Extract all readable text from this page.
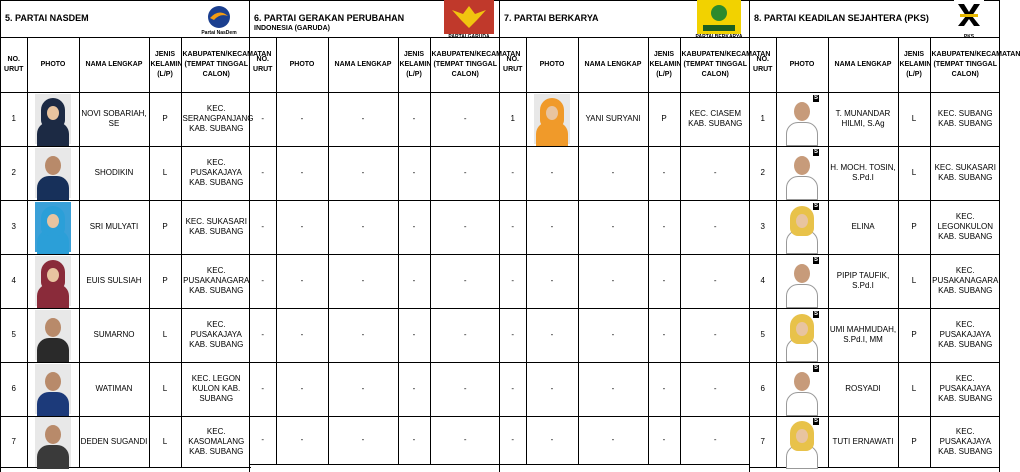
5. PARTAI NASDEM
Partai NasDem
NO. URUT	PHOTO	NAMA LENGKAP	JENIS KELAMIN (L/P)	KABUPATEN/KECAMATAN (TEMPAT TINGGAL CALON)
1		NOVI SOBARIAH, SE	P	KEC. SERANGPANJANG KAB. SUBANG
2		SHODIKIN	L	KEC. PUSAKAJAYA KAB. SUBANG
3		SRI MULYATI	P	KEC. SUKASARI KAB. SUBANG
4		EUIS SULSIAH	P	KEC. PUSAKANAGARA KAB. SUBANG
5		SUMARNO	L	KEC. PUSAKAJAYA KAB. SUBANG
6		WATIMAN	L	KEC. LEGON KULON KAB. SUBANG
7		DEDEN SUGANDI	L	KEC. KASOMALANG KAB. SUBANG
6. PARTAI GERAKAN PERUBAHAN
INDONESIA (GARUDA)
PARTAI GARUDA
NO. URUT	PHOTO	NAMA LENGKAP	JENIS KELAMIN (L/P)	KABUPATEN/KECAMATAN (TEMPAT TINGGAL CALON)
-	-	-	-	-
-	-	-	-	-
-	-	-	-	-
-	-	-	-	-
-	-	-	-	-
-	-	-	-	-
-	-	-	-	-
7. PARTAI BERKARYA
PARTAI BERKARYA
NO. URUT	PHOTO	NAMA LENGKAP	JENIS KELAMIN (L/P)	KABUPATEN/KECAMATAN (TEMPAT TINGGAL CALON)
1		YANI SURYANI	P	KEC. CIASEM KAB. SUBANG
-	-	-	-	-
-	-	-	-	-
-	-	-	-	-
-	-	-	-	-
-	-	-	-	-
-	-	-	-	-
8. PARTAI KEADILAN SEJAHTERA (PKS)
PKS
NO. URUT	PHOTO	NAMA LENGKAP	JENIS KELAMIN (L/P)	KABUPATEN/KECAMATAN (TEMPAT TINGGAL CALON)
1	S	T. MUNANDAR HILMI, S.Ag	L	KEC. SUBANG KAB. SUBANG
2	S	H. MOCH. TOSIN, S.Pd.I	L	KEC. SUKASARI KAB. SUBANG
3	S	ELINA	P	KEC. LEGONKULON KAB. SUBANG
4	S	PIPIP TAUFIK, S.Pd.I	L	KEC. PUSAKANAGARA KAB. SUBANG
5	S	UMI MAHMUDAH, S.Pd.I, MM	P	KEC. PUSAKAJAYA KAB. SUBANG
6	S	ROSYADI	L	KEC. PUSAKAJAYA KAB. SUBANG
7	S	TUTI ERNAWATI	P	KEC. PUSAKAJAYA KAB. SUBANG
